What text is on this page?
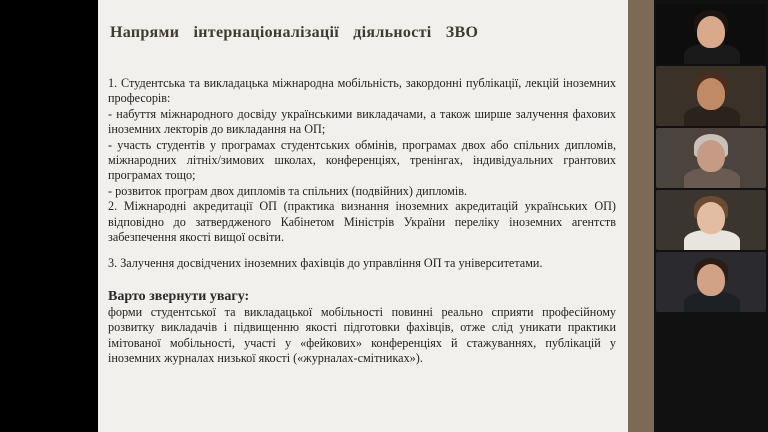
Напрями інтернаціоналізації діяльності ЗВО

1. Студентська та викладацька міжнародна мобільність, закордонні публікації, лекцій іноземних професорів:

- набуття міжнародного досвіду українськими викладачами, а також ширше залучення фахових іноземних лекторів до викладання на ОП;

- участь студентів у програмах студентських обмінів, програмах двох або спільних дипломів, міжнародних літніх/зимових школах, конференціях, тренінгах, індивідуальних грантових програмах тощо;

- розвиток програм двох дипломів та спільних (подвійних) дипломів.

2. Міжнародні акредитації ОП (практика визнання іноземних акредитацій українських ОП) відповідно до затвердженого Кабінетом Міністрів України переліку іноземних агентств забезпечення якості вищої освіти.

3. Залучення досвідчених іноземних фахівців до управління ОП та університетами.

Варто звернути увагу:

форми студентської та викладацької мобільності повинні реально сприяти професійному розвитку викладачів і підвищенню якості підготовки фахівців, отже слід уникати практики імітованої мобільності, участі у «фейкових» конференціях й стажуваннях, публікацій у іноземних журналах низької якості («журналах-смітниках»).
